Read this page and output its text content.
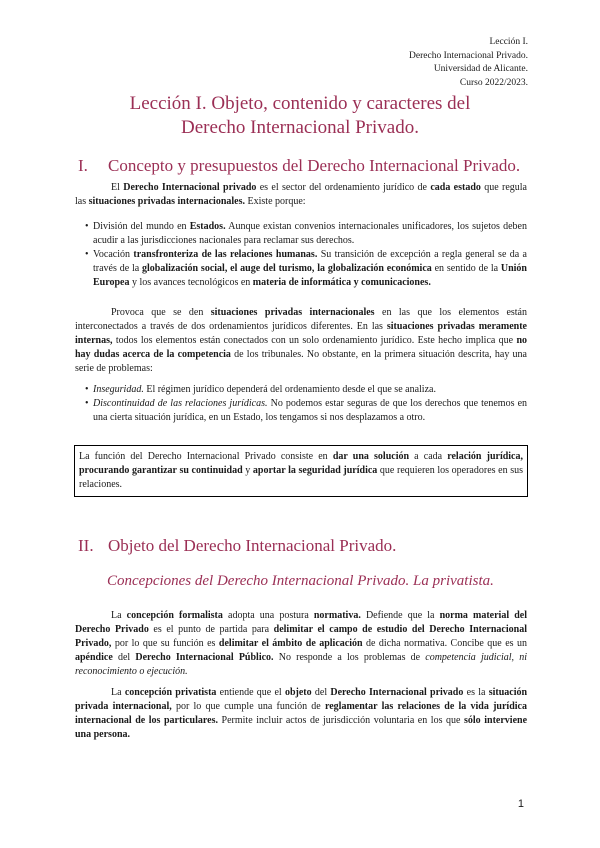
Lección I.
Derecho Internacional Privado.
Universidad de Alicante.
Curso 2022/2023.
Lección I. Objeto, contenido y caracteres del
Derecho Internacional Privado.
I. Concepto y presupuestos del Derecho Internacional Privado.

El Derecho Internacional privado es el sector del ordenamiento jurídico de cada estado que regula las situaciones privadas internacionales. Existe porque:

• División del mundo en Estados. Aunque existan convenios internacionales unificadores, los sujetos deben acudir a las jurisdicciones nacionales para reclamar sus derechos.
• Vocación transfronteriza de las relaciones humanas. Su transición de excepción a regla general se da a través de la globalización social, el auge del turismo, la globalización económica en sentido de la Unión Europea y los avances tecnológicos en materia de informática y comunicaciones.

Provoca que se den situaciones privadas internacionales en las que los elementos están interconectados a través de dos ordenamientos jurídicos diferentes. En las situaciones privadas meramente internas, todos los elementos están conectados con un solo ordenamiento jurídico. Este hecho implica que no hay dudas acerca de la competencia de los tribunales. No obstante, en la primera situación descrita, hay una serie de problemas:

• Inseguridad. El régimen jurídico dependerá del ordenamiento desde el que se analiza.
• Discontinuidad de las relaciones jurídicas. No podemos estar seguras de que los derechos que tenemos en una cierta situación jurídica, en un Estado, los tengamos si nos desplazamos a otro.
La función del Derecho Internacional Privado consiste en dar una solución a cada relación jurídica, procurando garantizar su continuidad y aportar la seguridad jurídica que requieren los operadores en sus relaciones.
II. Objeto del Derecho Internacional Privado.
Concepciones del Derecho Internacional Privado. La privatista.

La concepción formalista adopta una postura normativa. Defiende que la norma material del Derecho Privado es el punto de partida para delimitar el campo de estudio del Derecho Internacional Privado, por lo que su función es delimitar el ámbito de aplicación de dicha normativa. Concibe que es un apéndice del Derecho Internacional Público. No responde a los problemas de competencia judicial, ni reconocimiento o ejecución.

La concepción privatista entiende que el objeto del Derecho Internacional privado es la situación privada internacional, por lo que cumple una función de reglamentar las relaciones de la vida jurídica internacional de los particulares. Permite incluir actos de jurisdicción voluntaria en los que sólo interviene una persona.

1
